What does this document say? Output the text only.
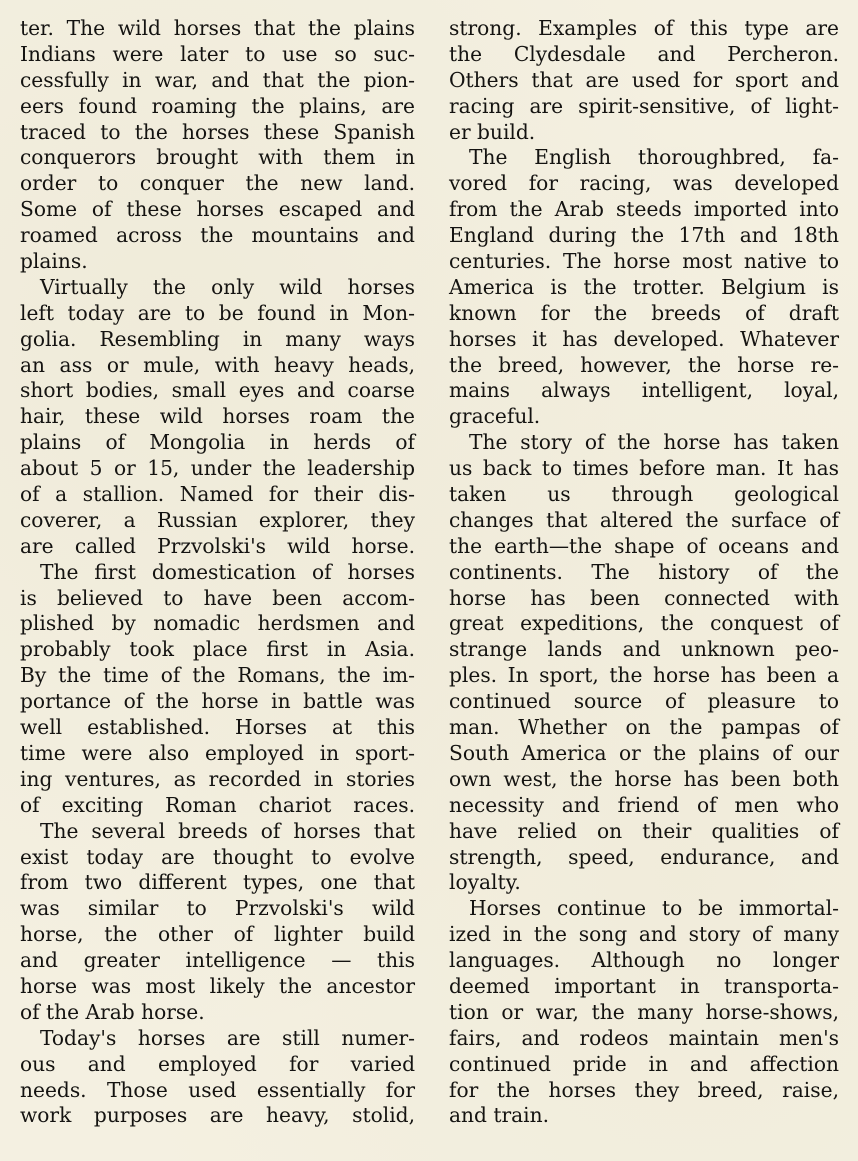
ter. The wild horses that the plains
Indians were later to use so suc-
cessfully in war, and that the pion-
eers found roaming the plains, are
traced to the horses these Spanish
conquerors brought with them in
order to conquer the new land.
Some of these horses escaped and
roamed across the mountains and
plains.
Virtually the only wild horses
left today are to be found in Mon-
golia. Resembling in many ways
an ass or mule, with heavy heads,
short bodies, small eyes and coarse
hair, these wild horses roam the
plains of Mongolia in herds of
about 5 or 15, under the leadership
of a stallion. Named for their dis-
coverer, a Russian explorer, they
are called Przvolski's wild horse.
The first domestication of horses
is believed to have been accom-
plished by nomadic herdsmen and
probably took place first in Asia.
By the time of the Romans, the im-
portance of the horse in battle was
well established. Horses at this
time were also employed in sport-
ing ventures, as recorded in stories
of exciting Roman chariot races.
The several breeds of horses that
exist today are thought to evolve
from two different types, one that
was similar to Przvolski's wild
horse, the other of lighter build
and greater intelligence — this
horse was most likely the ancestor
of the Arab horse.
Today's horses are still numer-
ous and employed for varied
needs. Those used essentially for
work purposes are heavy, stolid,
strong. Examples of this type are
the Clydesdale and Percheron.
Others that are used for sport and
racing are spirit-sensitive, of light-
er build.
The English thoroughbred, fa-
vored for racing, was developed
from the Arab steeds imported into
England during the 17th and 18th
centuries. The horse most native to
America is the trotter. Belgium is
known for the breeds of draft
horses it has developed. Whatever
the breed, however, the horse re-
mains always intelligent, loyal,
graceful.
The story of the horse has taken
us back to times before man. It has
taken us through geological
changes that altered the surface of
the earth—the shape of oceans and
continents. The history of the
horse has been connected with
great expeditions, the conquest of
strange lands and unknown peo-
ples. In sport, the horse has been a
continued source of pleasure to
man. Whether on the pampas of
South America or the plains of our
own west, the horse has been both
necessity and friend of men who
have relied on their qualities of
strength, speed, endurance, and
loyalty.
Horses continue to be immortal-
ized in the song and story of many
languages. Although no longer
deemed important in transporta-
tion or war, the many horse-shows,
fairs, and rodeos maintain men's
continued pride in and affection
for the horses they breed, raise,
and train.
